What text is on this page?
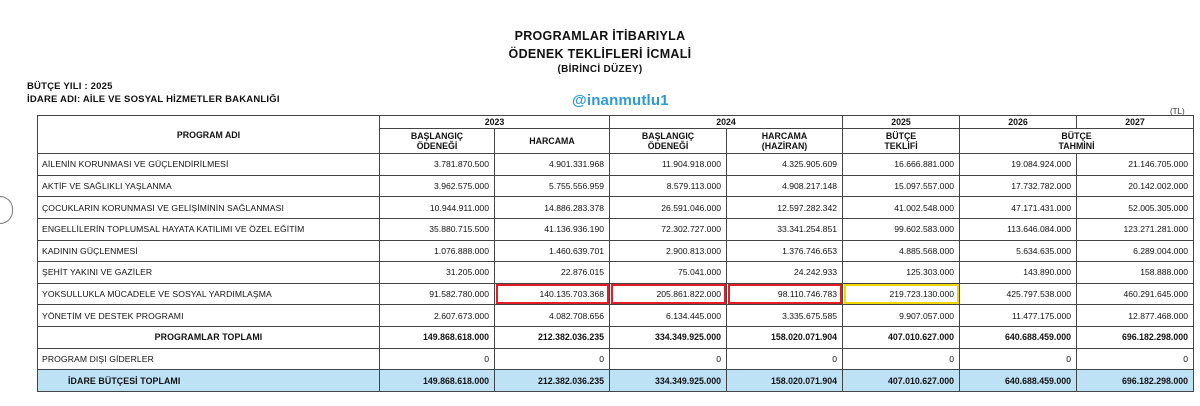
PROGRAMLAR İTİBARIYLA
ÖDENEK TEKLİFLERİ İCMALİ
(BİRİNCİ DÜZEY)
BÜTÇE YILI : 2025
İDARE ADI: AİLE VE SOSYAL HİZMETLER BAKANLIĞI	@inanmutlu1
(TL)
PROGRAM ADI	2023		2024		2025	2026	2027

	BAŞLANGIÇ ÖDENEĞİ	HARCAMA	BAŞLANGIÇ ÖDENEĞİ	HARCAMA (HAZİRAN)	BÜTÇE TEKLİFİ	BÜTÇE TAHMİNİ	

AİLENİN KORUNMASI VE GÜÇLENDİRİLMESİ	3.781.870.500	4.901.331.968	11.904.918.000	4.325.905.609	16.666.881.000	19.084.924.000	21.146.705.000
AKTİF VE SAĞLIKLI YAŞLANMA	3.962.575.000	5.755.556.959	8.579.113.000	4.908.217.148	15.097.557.000	17.732.782.000	20.142.002.000
ÇOCUKLARIN KORUNMASI VE GELİŞİMİNİN SAĞLANMASI	10.944.911.000	14.886.283.378	26.591.046.000	12.597.282.342	41.002.548.000	47.171.431.000	52.005.305.000
ENGELLİLERİN TOPLUMSAL HAYATA KATILIMI VE ÖZEL EĞİTİM	35.880.715.500	41.136.936.190	72.302.727.000	33.341.254.851	99.602.583.000	113.646.084.000	123.271.281.000
KADININ GÜÇLENMESİ	1.076.888.000	1.460.639.701	2.900.813.000	1.376.746.653	4.885.568.000	5.634.635.000	6.289.004.000
ŞEHİT YAKINI VE GAZİLER	31.205.000	22.876.015	75.041.000	24.242.933	125.303.000	143.890.000	158.888.000
YOKSULLUKLA MÜCADELE VE SOSYAL YARDIMLAŞMA	91.582.780.000	140.135.703.368	205.861.822.000	98.110.746.783	219.723.130.000	425.797.538.000	460.291.645.000
YÖNETİM VE DESTEK PROGRAMI	2.607.673.000	4.082.708.656	6.134.445.000	3.335.675.585	9.907.057.000	11.477.175.000	12.877.468.000
PROGRAMLAR TOPLAMI	149.868.618.000	212.382.036.235	334.349.925.000	158.020.071.904	407.010.627.000	640.688.459.000	696.182.298.000
PROGRAM DIŞI GİDERLER	0	0	0	0	0	0	0
İDARE BÜTÇESİ TOPLAMI	149.868.618.000	212.382.036.235	334.349.925.000	158.020.071.904	407.010.627.000	640.688.459.000	696.182.298.000
